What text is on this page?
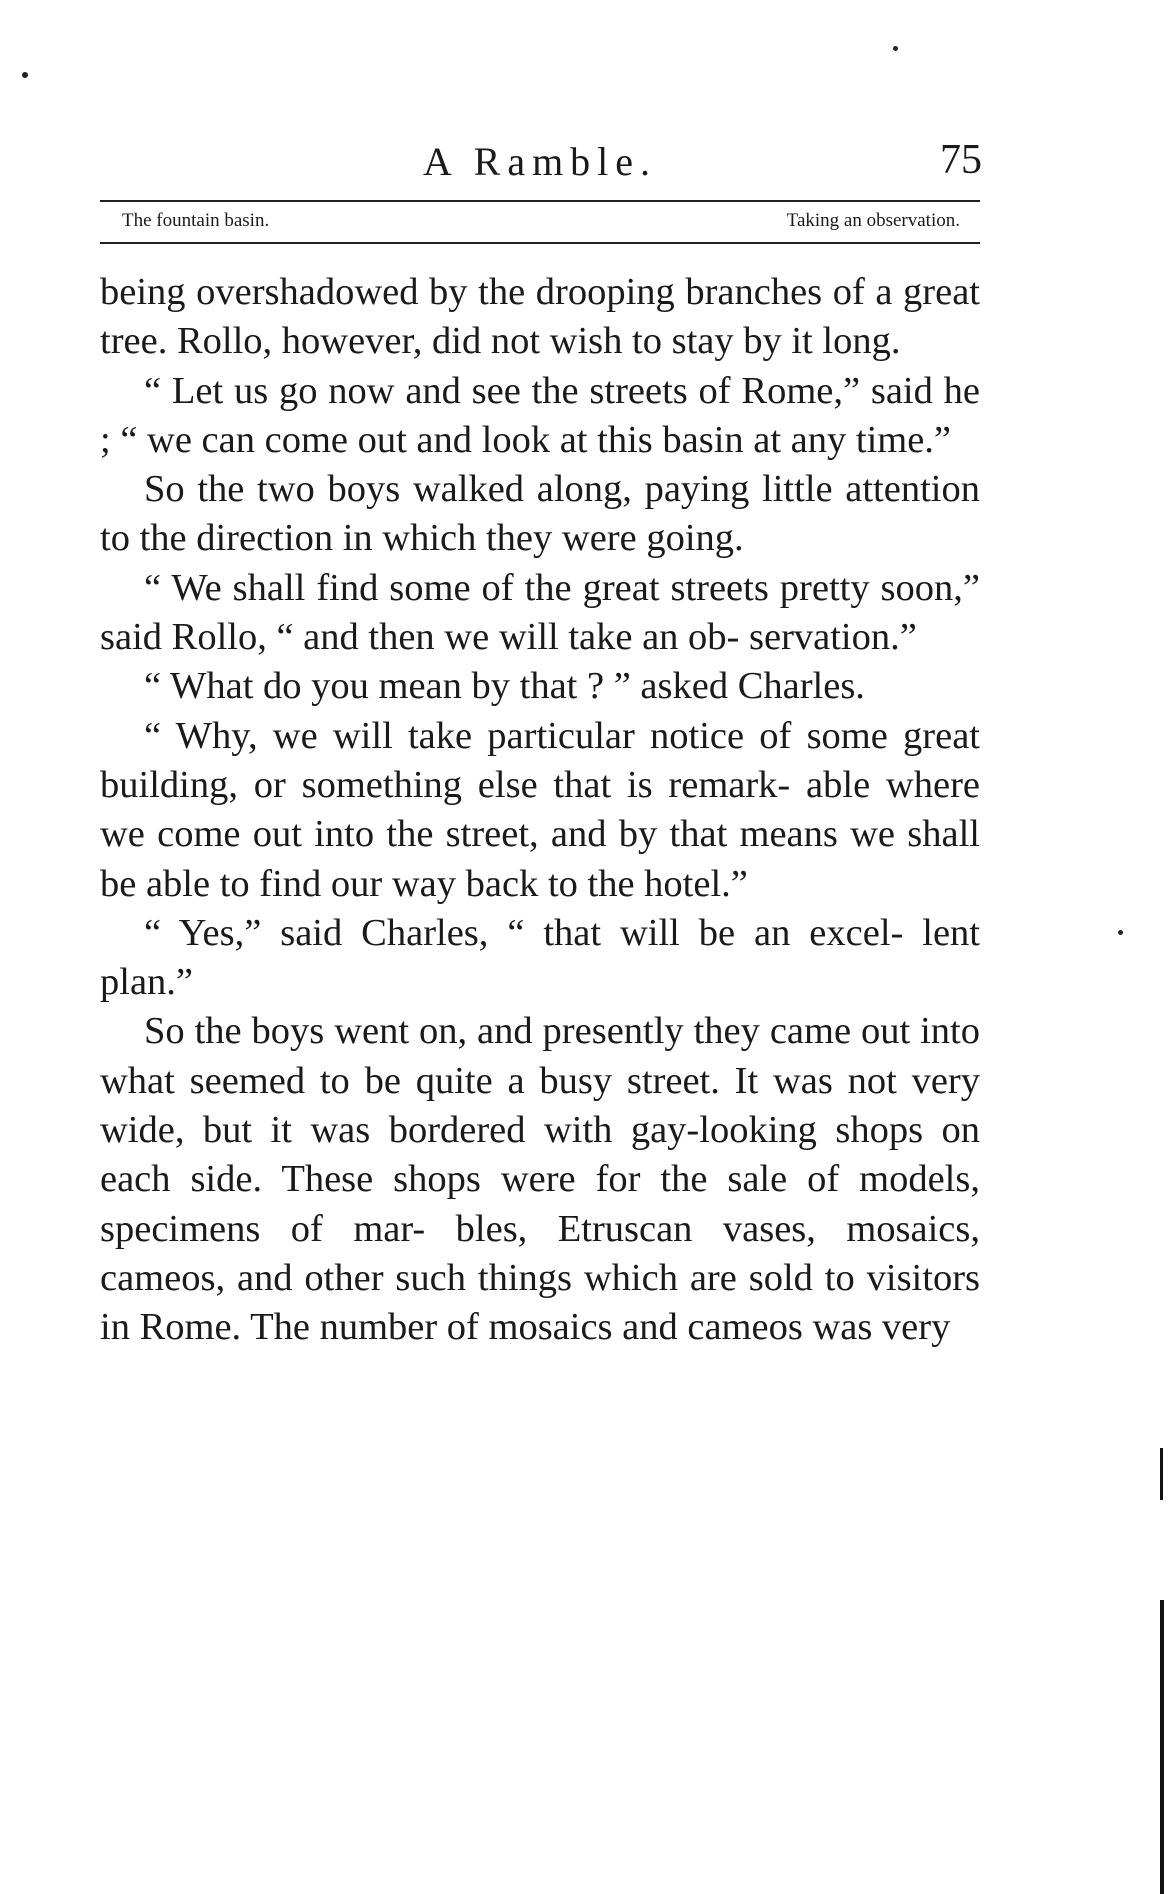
A Ramble.	75
The fountain basin.	Taking an observation.

being overshadowed by the drooping branches of a great tree. Rollo, however, did not wish to stay by it long.

“ Let us go now and see the streets of Rome,” said he ; “ we can come out and look at this basin at any time.”

So the two boys walked along, paying little attention to the direction in which they were going.

“ We shall find some of the great streets pretty soon,” said Rollo, “ and then we will take an ob- servation.”

“ What do you mean by that ? ” asked Charles.

“ Why, we will take particular notice of some great building, or something else that is remark- able where we come out into the street, and by that means we shall be able to find our way back to the hotel.”

“ Yes,” said Charles, “ that will be an excel- lent plan.”

So the boys went on, and presently they came out into what seemed to be quite a busy street. It was not very wide, but it was bordered with gay-looking shops on each side. These shops were for the sale of models, specimens of mar- bles, Etruscan vases, mosaics, cameos, and other such things which are sold to visitors in Rome. The number of mosaics and cameos was very
